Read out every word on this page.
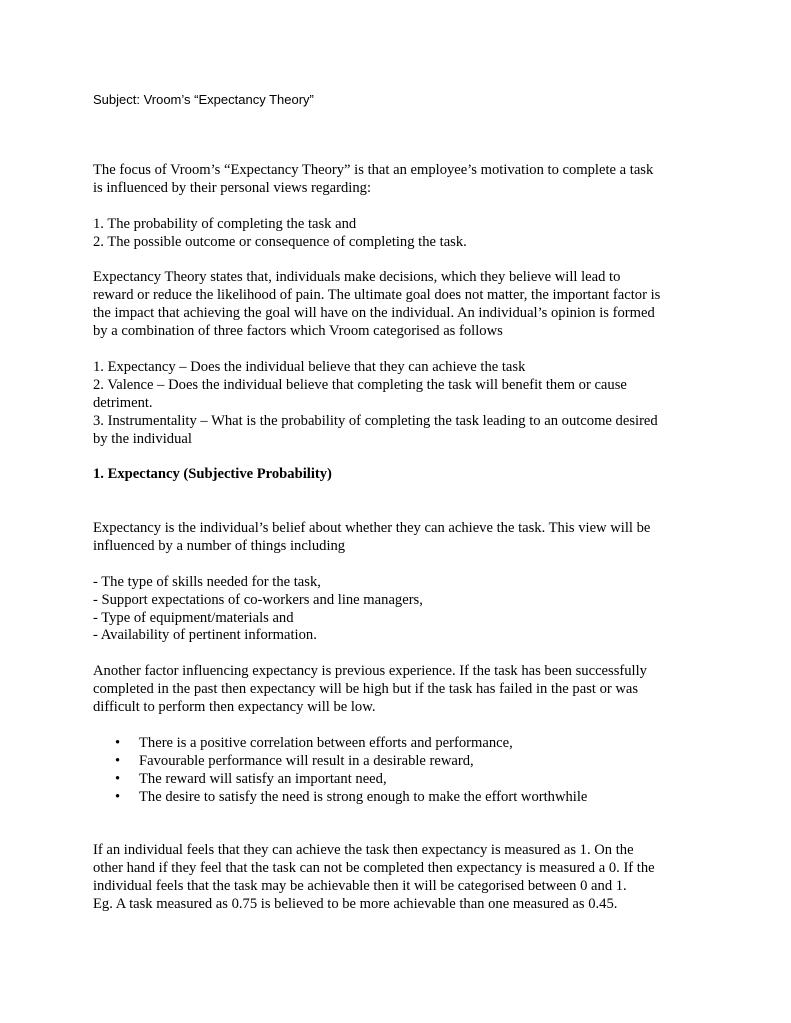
Subject: Vroom’s “Expectancy Theory”

The focus of Vroom’s “Expectancy Theory” is that an employee’s motivation to complete a task

is influenced by their personal views regarding:

1. The probability of completing the task and

2. The possible outcome or consequence of completing the task.

Expectancy Theory states that, individuals make decisions, which they believe will lead to

reward or reduce the likelihood of pain. The ultimate goal does not matter, the important factor is

the impact that achieving the goal will have on the individual. An individual’s opinion is formed

by a combination of three factors which Vroom categorised as follows

1. Expectancy – Does the individual believe that they can achieve the task

2. Valence – Does the individual believe that completing the task will benefit them or cause

detriment.

3. Instrumentality – What is the probability of completing the task leading to an outcome desired

by the individual

1. Expectancy (Subjective Probability)

Expectancy is the individual’s belief about whether they can achieve the task. This view will be

influenced by a number of things including

- The type of skills needed for the task,

- Support expectations of co-workers and line managers,

- Type of equipment/materials and

- Availability of pertinent information.

Another factor influencing expectancy is previous experience. If the task has been successfully

completed in the past then expectancy will be high but if the task has failed in the past or was

difficult to perform then expectancy will be low.

• There is a positive correlation between efforts and performance,
• Favourable performance will result in a desirable reward,
• The reward will satisfy an important need,
• The desire to satisfy the need is strong enough to make the effort worthwhile

If an individual feels that they can achieve the task then expectancy is measured as 1. On the

other hand if they feel that the task can not be completed then expectancy is measured a 0. If the

individual feels that the task may be achievable then it will be categorised between 0 and 1.

Eg. A task measured as 0.75 is believed to be more achievable than one measured as 0.45.
